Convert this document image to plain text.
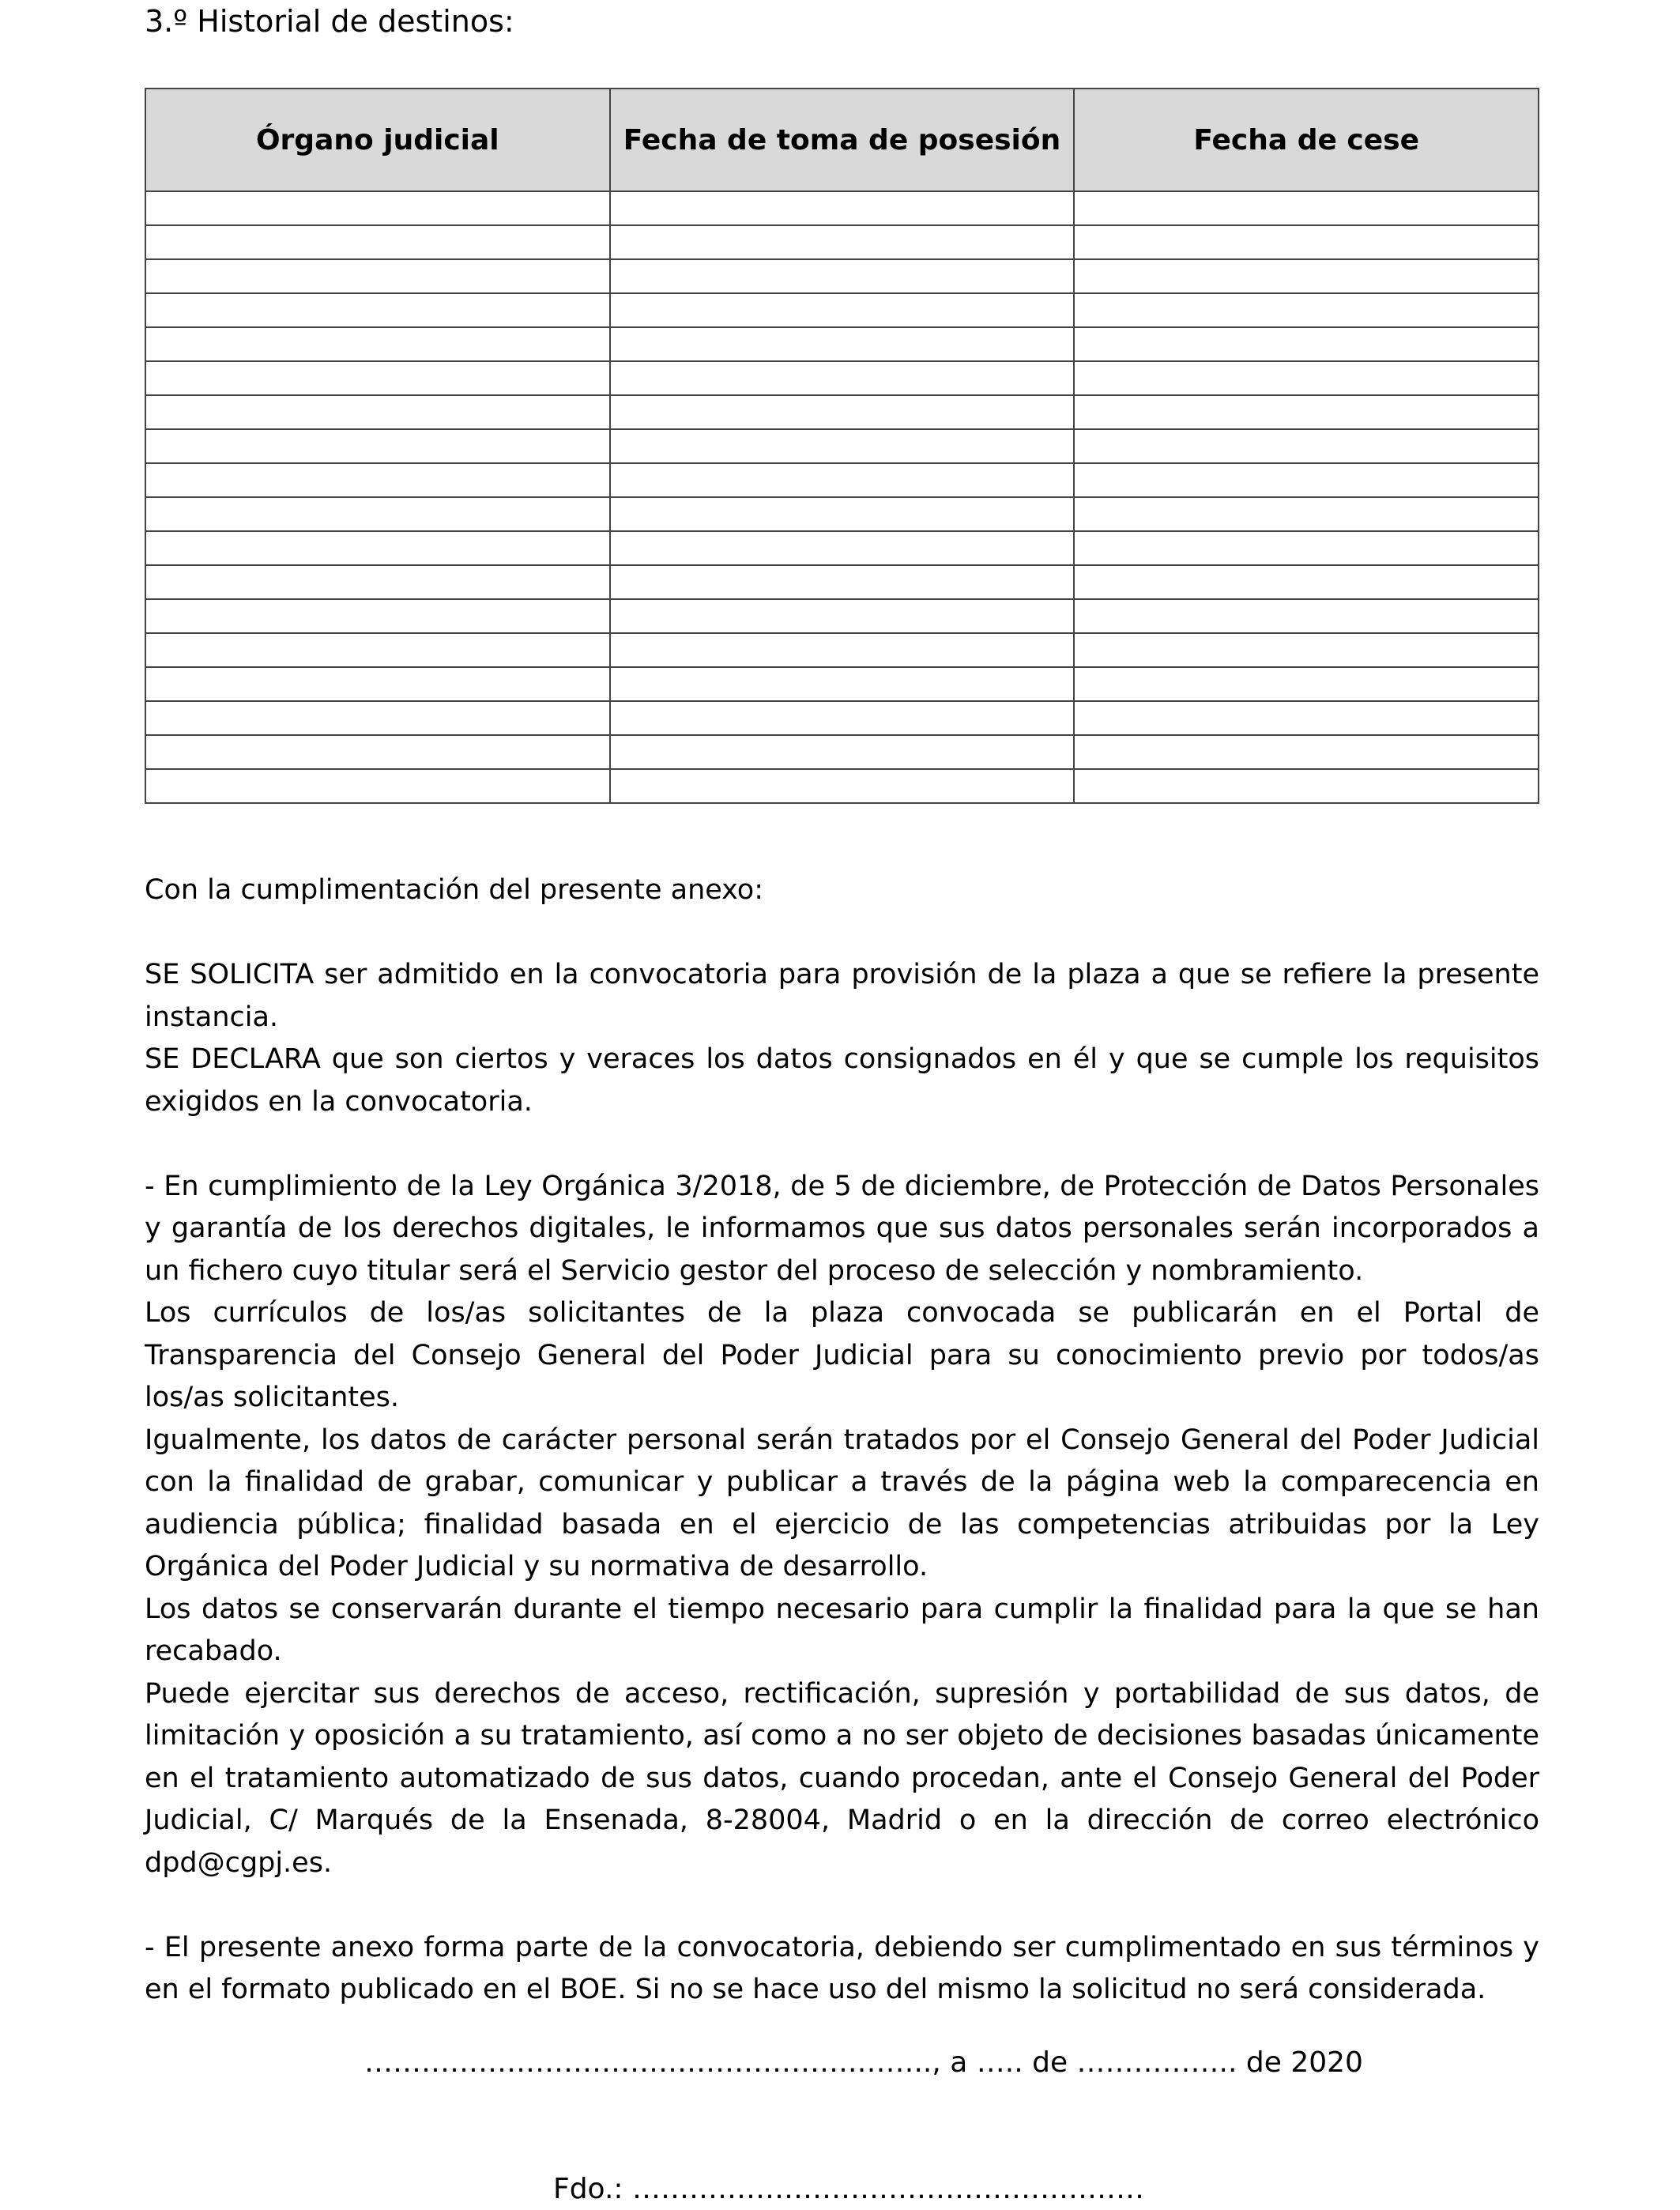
3.º Historial de destinos:
Órgano judicial	Fecha de toma de posesión	Fecha de cese

Con la cumplimentación del presente anexo:

SE SOLICITA ser admitido en la convocatoria para provisión de la plaza a que se refiere la presente instancia.

SE DECLARA que son ciertos y veraces los datos consignados en él y que se cumple los requisitos exigidos en la convocatoria.

- En cumplimiento de la Ley Orgánica 3/2018, de 5 de diciembre, de Protección de Datos Personales y garantía de los derechos digitales, le informamos que sus datos personales serán incorporados a un fichero cuyo titular será el Servicio gestor del proceso de selección y nombramiento.

Los currículos de los/as solicitantes de la plaza convocada se publicarán en el Portal de Transparencia del Consejo General del Poder Judicial para su conocimiento previo por todos/as los/as solicitantes.

Igualmente, los datos de carácter personal serán tratados por el Consejo General del Poder Judicial con la finalidad de grabar, comunicar y publicar a través de la página web la comparecencia en audiencia pública; finalidad basada en el ejercicio de las competencias atribuidas por la Ley Orgánica del Poder Judicial y su normativa de desarrollo.

Los datos se conservarán durante el tiempo necesario para cumplir la finalidad para la que se han recabado.

Puede ejercitar sus derechos de acceso, rectificación, supresión y portabilidad de sus datos, de limitación y oposición a su tratamiento, así como a no ser objeto de decisiones basadas únicamente en el tratamiento automatizado de sus datos, cuando procedan, ante el Consejo General del Poder Judicial, C/ Marqués de la Ensenada, 8-28004, Madrid o en la dirección de correo electrónico dpd@cgpj.es.

- El presente anexo forma parte de la convocatoria, debiendo ser cumplimentado en sus términos y en el formato publicado en el BOE. Si no se hace uso del mismo la solicitud no será considerada.

…………………………………………….…….., a ….. de …………….. de 2020
Fdo.: ………………………………………………
